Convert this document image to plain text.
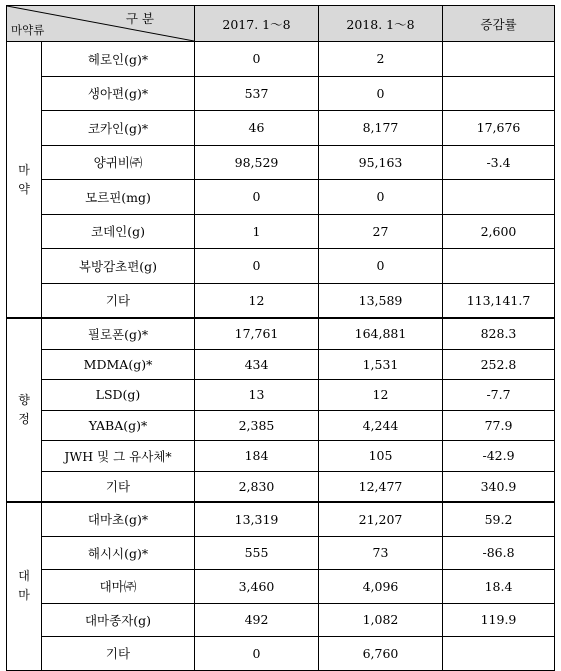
구 분
마약류		2017. 1～8	2018. 1～8	증감률
마
약	헤로인(g)*	0	2	
	생아편(g)*	537	0	
	코카인(g)*	46	8,177	17,676
	양귀비㈜	98,529	95,163	-3.4
	모르핀(mg)	0	0	
	코데인(g)	1	27	2,600
	복방감초편(g)	0	0	
	기타	12	13,589	113,141.7
향
정	필로폰(g)*	17,761	164,881	828.3
	MDMA(g)*	434	1,531	252.8
	LSD(g)	13	12	-7.7
	YABA(g)*	2,385	4,244	77.9
	JWH 및 그 유사체*	184	105	-42.9
	기타	2,830	12,477	340.9
대
마	대마초(g)*	13,319	21,207	59.2
	해시시(g)*	555	73	-86.8
	대마㈜	3,460	4,096	18.4
	대마종자(g)	492	1,082	119.9
	기타	0	6,760	
